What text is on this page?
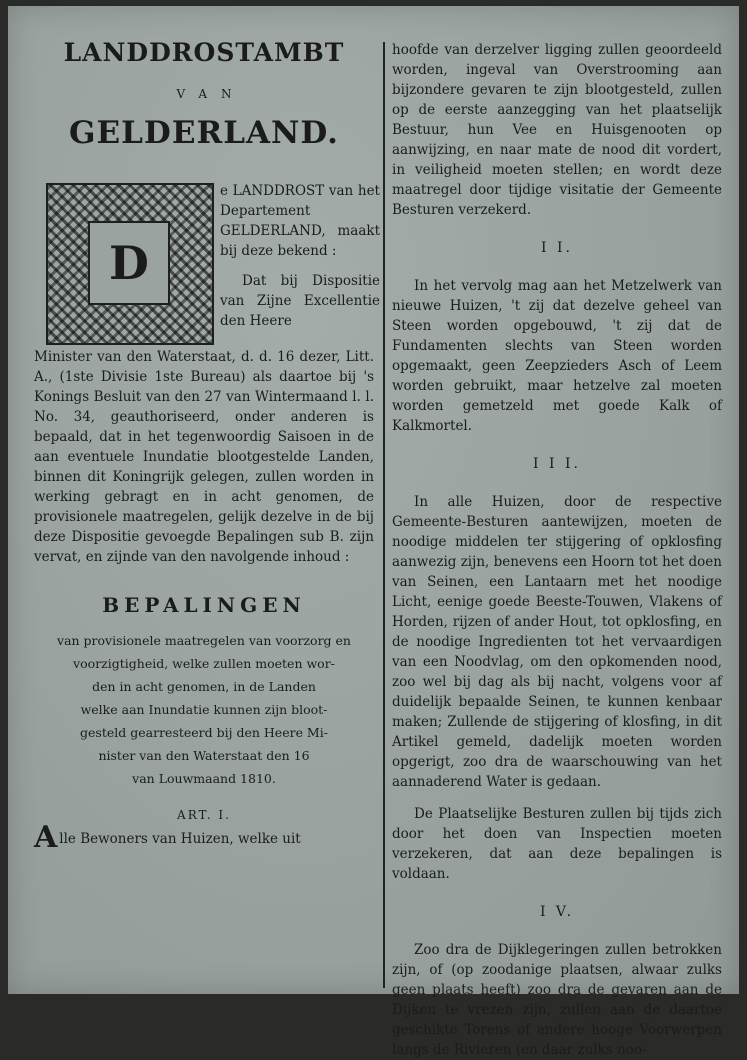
LANDDROSTAMBT
VAN
GELDERLAND.
D

e LANDDROST van het Departement GELDERLAND, maakt bij deze bekend :

Dat bij Dispositie van Zijne Excellentie den Heere

Minister van den Waterstaat, d. d. 16 dezer, Litt. A., (1ste Divisie 1ste Bureau) als daartoe bij 's Konings Besluit van den 27 van Wintermaand l. l. No. 34, geauthoriseerd, onder anderen is bepaald, dat in het tegenwoordig Saisoen in de aan eventuele Inundatie blootgestelde Landen, binnen dit Koningrijk gelegen, zullen worden in werking gebragt en in acht genomen, de provisionele maatregelen, gelijk dezelve in de bij deze Dispositie gevoegde Bepalingen sub B. zijn vervat, en zijnde van den navolgende inhoud :

BEPALINGEN

van provisionele maatregelen van voorzorg en

voorzigtigheid, welke zullen moeten wor-

den in acht genomen, in de Landen

welke aan Inundatie kunnen zijn bloot-

gesteld gearresteerd bij den Heere Mi-

nister van den Waterstaat den 16

van Louwmaand 1810.

ART. I.
Alle Bewoners van Huizen, welke uit

hoofde van derzelver ligging zullen geoordeeld worden, ingeval van Overstrooming aan bijzondere gevaren te zijn blootgesteld, zullen op de eerste aanzegging van het plaatselijk Bestuur, hun Vee en Huisgenooten op aanwijzing, en naar mate de nood dit vordert, in veiligheid moeten stellen; en wordt deze maatregel door tijdige visitatie der Gemeente Besturen verzekerd.

I I.

In het vervolg mag aan het Metzelwerk van nieuwe Huizen, 't zij dat dezelve geheel van Steen worden opgebouwd, 't zij dat de Fundamenten slechts van Steen worden opgemaakt, geen Zeepzieders Asch of Leem worden gebruikt, maar hetzelve zal moeten worden gemetzeld met goede Kalk of Kalkmortel.

I I I.

In alle Huizen, door de respective Gemeente-Besturen aantewijzen, moeten de noodige middelen ter stijgering of opklosfing aanwezig zijn, benevens een Hoorn tot het doen van Seinen, een Lantaarn met het noodige Licht, eenige goede Beeste-Touwen, Vlakens of Horden, rijzen of ander Hout, tot opklosfing, en de noodige Ingredienten tot het vervaardigen van een Noodvlag, om den opkomenden nood, zoo wel bij dag als bij nacht, volgens voor af duidelijk bepaalde Seinen, te kunnen kenbaar maken; Zullende de stijgering of klosfing, in dit Artikel gemeld, dadelijk moeten worden opgerigt, zoo dra de waarschouwing van het aannaderend Water is gedaan.

De Plaatselijke Besturen zullen bij tijds zich door het doen van Inspectien moeten verzekeren, dat aan deze bepalingen is voldaan.

I V.

Zoo dra de Dijklegeringen zullen betrokken zijn, of (op zoodanige plaatsen, alwaar zulks geen plaats heeft) zoo dra de gevaren aan de Dijken te vrezen zijn, zullen aan de daartoe geschikte Torens of andere hooge Voorwerpen langs de Rivieren (en daar zulks noo-
